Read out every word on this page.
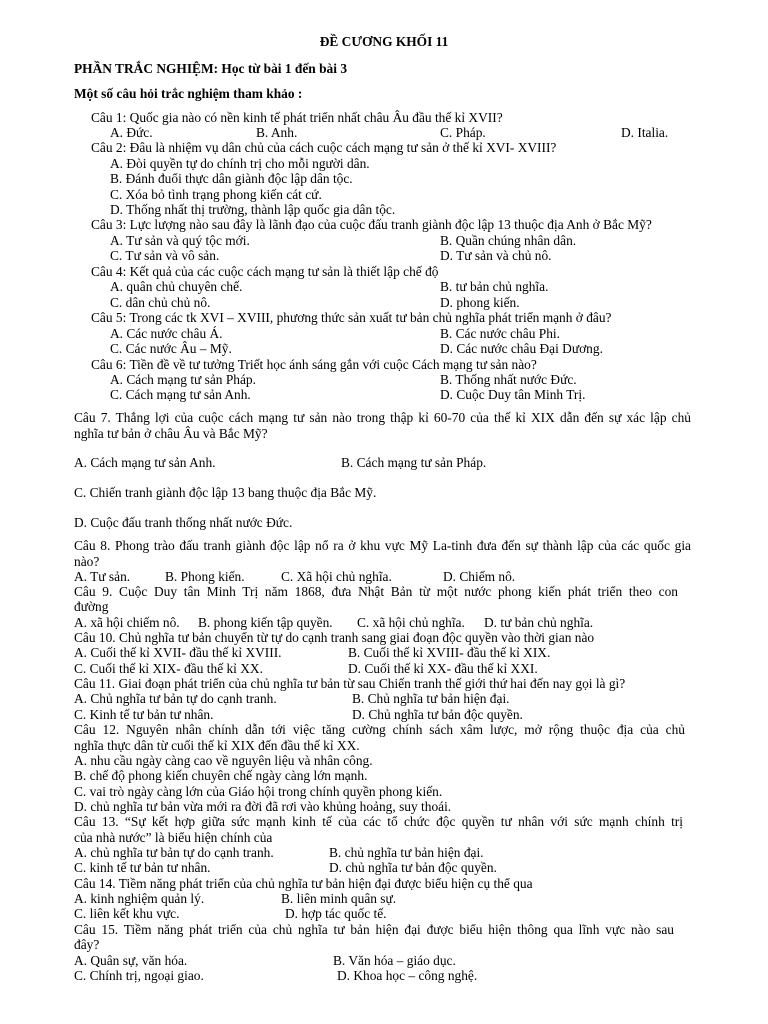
ĐỀ CƯƠNG KHỐI 11
PHẦN TRẮC NGHIỆM: Học từ bài 1 đến bài 3
Một số câu hỏi trắc nghiệm tham khảo :
Câu 1: Quốc gia nào có nền kinh tế phát triển nhất châu Âu đầu thế kỉ XVII?
A. Đức.	B. Anh.	C. Pháp.	D. Italia.
Câu 2: Đâu là nhiệm vụ dân chủ của cách cuộc cách mạng tư sản ở thế kỉ XVI- XVIII?
A. Đòi quyền tự do chính trị cho mỗi người dân.
B. Đánh đuổi thực dân giành độc lập dân tộc.
C. Xóa bỏ tình trạng phong kiến cát cứ.
D. Thống nhất thị trường, thành lập quốc gia dân tộc.
Câu 3: Lực lượng nào sau đây là lãnh đạo của cuộc đấu tranh giành độc lập 13 thuộc địa Anh ở Bắc Mỹ?
A. Tư sản và quý tộc mới.	B. Quần chúng nhân dân.
C. Tư sản và vô sản.	D. Tư sản và chủ nô.
Câu 4: Kết quả của các cuộc cách mạng tư sản là thiết lập chế độ
A. quân chủ chuyên chế.	B. tư bản chủ nghĩa.
C. dân chủ chủ nô.	D. phong kiến.
Câu 5: Trong các tk XVI – XVIII, phương thức sản xuất tư bản chủ nghĩa phát triển mạnh ở đâu?
A. Các nước châu Á.	B. Các nước châu Phi.
C. Các nước Âu – Mỹ.	D. Các nước châu Đại Dương.
Câu 6: Tiền đề về tư tưởng Triết học ánh sáng gắn với cuộc Cách mạng tư sản nào?
A. Cách mạng tư sản Pháp.	B. Thống nhất nước Đức.
C. Cách mạng tư sản Anh.	D. Cuộc Duy tân Minh Trị.
Câu 7. Thắng lợi của cuộc cách mạng tư sản nào trong thập kỉ 60-70 của thế kỉ XIX dẫn đến sự xác lập chủ
nghĩa tư bản ở châu Âu và Bắc Mỹ?
A. Cách mạng tư sản Anh.	B. Cách mạng tư sản Pháp.
C. Chiến tranh giành độc lập 13 bang thuộc địa Bắc Mỹ.
D. Cuộc đấu tranh thống nhất nước Đức.
Câu 8. Phong trào đấu tranh giành độc lập nổ ra ở khu vực Mỹ La-tinh đưa đến sự thành lập của các quốc gia
nào?
A. Tư sản.	B. Phong kiến.	C. Xã hội chủ nghĩa.	D. Chiếm nô.
Câu 9. Cuộc Duy tân Minh Trị năm 1868, đưa Nhật Bản từ một nước phong kiến phát triển theo con
đường
A. xã hội chiếm nô. B. phong kiến tập quyền. C. xã hội chủ nghĩa. D. tư bản chủ nghĩa.
Câu 10. Chủ nghĩa tư bản chuyển từ tự do cạnh tranh sang giai đoạn độc quyền vào thời gian nào
A. Cuối thế kỉ XVII- đầu thế kỉ XVIII.	B. Cuối thế kỉ XVIII- đầu thế kỉ XIX.
C. Cuối thế kỉ XIX- đầu thế kỉ XX.	D. Cuối thế kỉ XX- đầu thế kỉ XXI.
Câu 11. Giai đoạn phát triển của chủ nghĩa tư bản từ sau Chiến tranh thế giới thứ hai đến nay gọi là gì?
A. Chủ nghĩa tư bản tự do cạnh tranh.	B. Chủ nghĩa tư bản hiện đại.
C. Kinh tế tư bản tư nhân.	D. Chủ nghĩa tư bản độc quyền.
Câu 12. Nguyên nhân chính dẫn tới việc tăng cường chính sách xâm lược, mở rộng thuộc địa của chủ
nghĩa thực dân từ cuối thế kỉ XIX đến đầu thế kỉ XX.
A. nhu cầu ngày càng cao về nguyên liệu và nhân công.
B. chế độ phong kiến chuyên chế ngày càng lớn mạnh.
C. vai trò ngày càng lớn của Giáo hội trong chính quyền phong kiến.
D. chủ nghĩa tư bản vừa mới ra đời đã rơi vào khủng hoảng, suy thoái.
Câu 13. “Sự kết hợp giữa sức mạnh kinh tế của các tổ chức độc quyền tư nhân với sức mạnh chính trị
của nhà nước” là biểu hiện chính của
A. chủ nghĩa tư bản tự do cạnh tranh.	B. chủ nghĩa tư bản hiện đại.
C. kinh tế tư bản tư nhân.	D. chủ nghĩa tư bản độc quyền.
Câu 14. Tiềm năng phát triển của chủ nghĩa tư bản hiện đại được biểu hiện cụ thể qua
A. kinh nghiệm quản lý.	B. liên minh quân sự.
C. liên kết khu vực.	D. hợp tác quốc tế.
Câu 15. Tiềm năng phát triển của chủ nghĩa tư bản hiện đại được biểu hiện thông qua lĩnh vực nào sau
đây?
A. Quân sự, văn hóa.	B. Văn hóa – giáo dục.
C. Chính trị, ngoại giao.	D. Khoa học – công nghệ.
